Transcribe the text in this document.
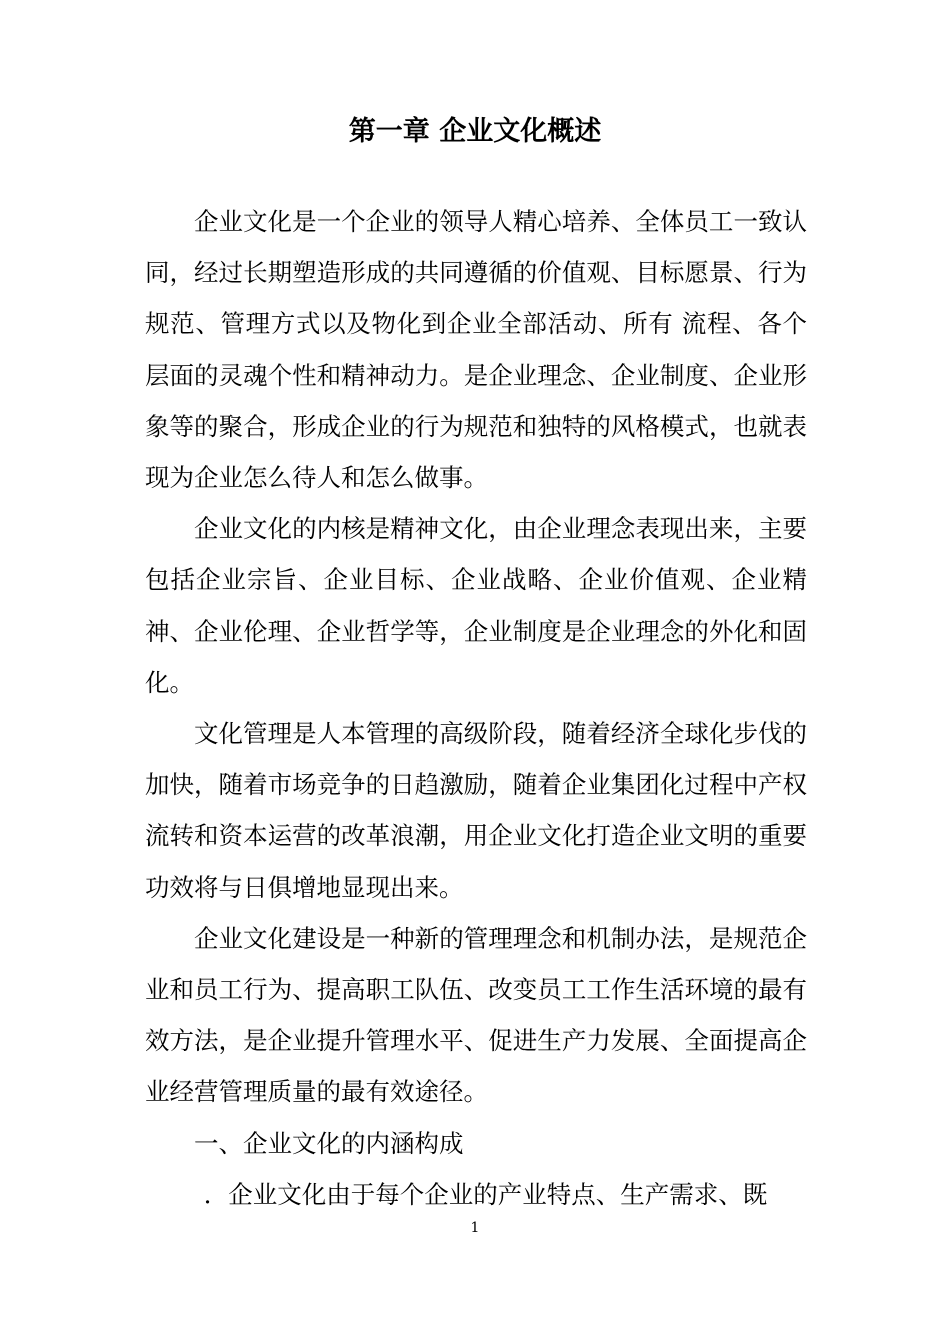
第一章 企业文化概述

企业文化是一个企业的领导人精心培养、全体员工一致认同，经过长期塑造形成的共同遵循的价值观、目标愿景、行为规范、管理方式以及物化到企业全部活动、所有 流程、各个层面的灵魂个性和精神动力。是企业理念、企业制度、企业形象等的聚合，形成企业的行为规范和独特的风格模式，也就表现为企业怎么待人和怎么做事。

企业文化的内核是精神文化，由企业理念表现出来，主要包括企业宗旨、企业目标、企业战略、企业价值观、企业精神、企业伦理、企业哲学等，企业制度是企业理念的外化和固化。

文化管理是人本管理的高级阶段，随着经济全球化步伐的加快，随着市场竞争的日趋激励，随着企业集团化过程中产权流转和资本运营的改革浪潮，用企业文化打造企业文明的重要功效将与日俱增地显现出来。

企业文化建设是一种新的管理理念和机制办法，是规范企业和员工行为、提高职工队伍、改变员工工作生活环境的最有效方法，是企业提升管理水平、促进生产力发展、全面提高企业经营管理质量的最有效途径。

一、企业文化的内涵构成

．企业文化由于每个企业的产业特点、生产需求、既

1
